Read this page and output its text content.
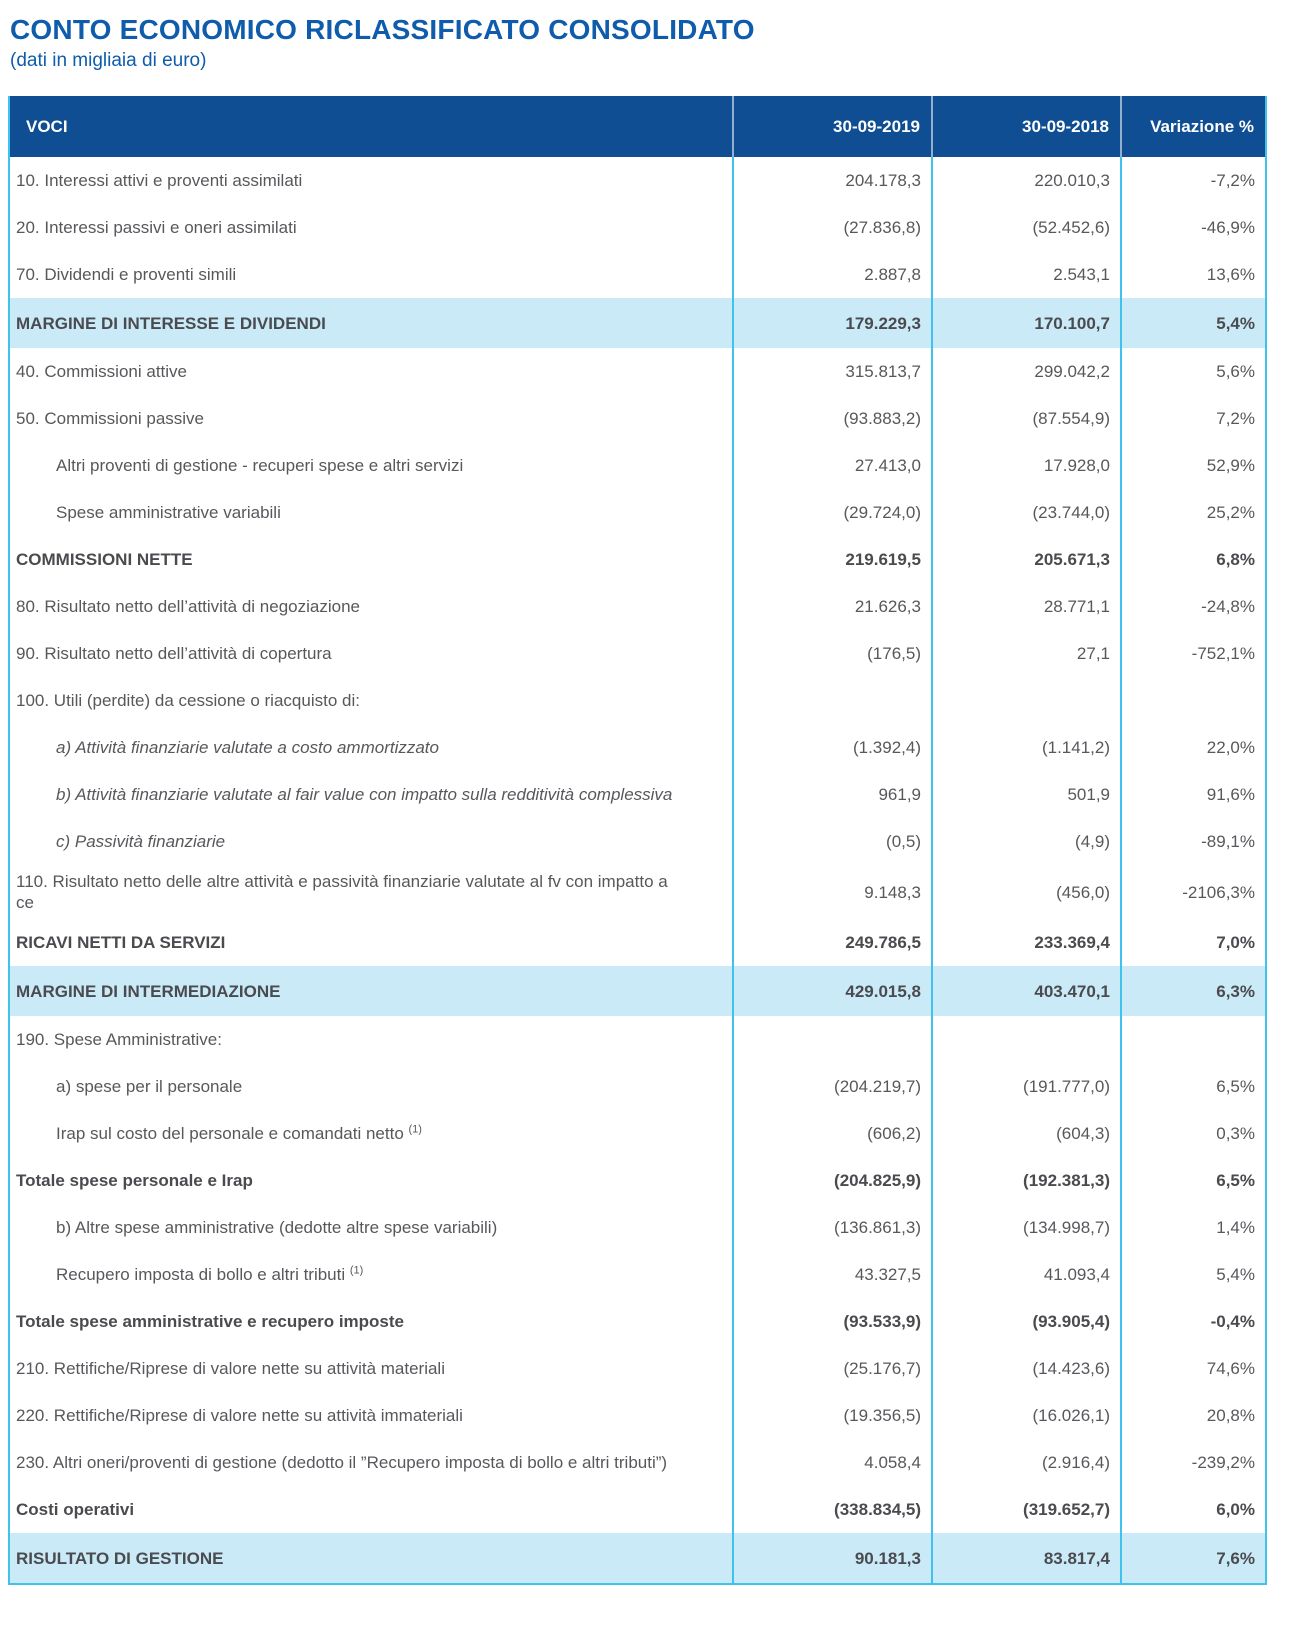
CONTO ECONOMICO RICLASSIFICATO CONSOLIDATO
(dati in migliaia di euro)
VOCI	30-09-2019	30-09-2018	Variazione %
10. Interessi attivi e proventi assimilati	204.178,3	220.010,3	-7,2%
20. Interessi passivi e oneri assimilati	(27.836,8)	(52.452,6)	-46,9%
70. Dividendi e proventi simili	2.887,8	2.543,1	13,6%
MARGINE DI INTERESSE E DIVIDENDI	179.229,3	170.100,7	5,4%
40. Commissioni attive	315.813,7	299.042,2	5,6%
50. Commissioni passive	(93.883,2)	(87.554,9)	7,2%
Altri proventi di gestione - recuperi spese e altri servizi	27.413,0	17.928,0	52,9%
Spese amministrative variabili	(29.724,0)	(23.744,0)	25,2%
COMMISSIONI NETTE	219.619,5	205.671,3	6,8%
80. Risultato netto dell’attività di negoziazione	21.626,3	28.771,1	-24,8%
90. Risultato netto dell’attività di copertura	(176,5)	27,1	-752,1%
100. Utili (perdite) da cessione o riacquisto di:			
a) Attività finanziarie valutate a costo ammortizzato	(1.392,4)	(1.141,2)	22,0%
b) Attività finanziarie valutate al fair value con impatto sulla redditività complessiva	961,9	501,9	91,6%
c) Passività finanziarie	(0,5)	(4,9)	-89,1%
110. Risultato netto delle altre attività e passività finanziarie valutate al fv con impatto a ce	9.148,3	(456,0)	-2106,3%
RICAVI NETTI DA SERVIZI	249.786,5	233.369,4	7,0%
MARGINE DI INTERMEDIAZIONE	429.015,8	403.470,1	6,3%
190. Spese Amministrative:			
a) spese per il personale	(204.219,7)	(191.777,0)	6,5%
Irap sul costo del personale e comandati netto $^{(1)}$	(606,2)	(604,3)	0,3%
Totale spese personale e Irap	(204.825,9)	(192.381,3)	6,5%
b) Altre spese amministrative (dedotte altre spese variabili)	(136.861,3)	(134.998,7)	1,4%
Recupero imposta di bollo e altri tributi $^{(1)}$	43.327,5	41.093,4	5,4%
Totale spese amministrative e recupero imposte	(93.533,9)	(93.905,4)	-0,4%
210. Rettifiche/Riprese di valore nette su attività materiali	(25.176,7)	(14.423,6)	74,6%
220. Rettifiche/Riprese di valore nette su attività immateriali	(19.356,5)	(16.026,1)	20,8%
230. Altri oneri/proventi di gestione (dedotto il ”Recupero imposta di bollo e altri tributi”)	4.058,4	(2.916,4)	-239,2%
Costi operativi	(338.834,5)	(319.652,7)	6,0%
RISULTATO DI GESTIONE	90.181,3	83.817,4	7,6%
